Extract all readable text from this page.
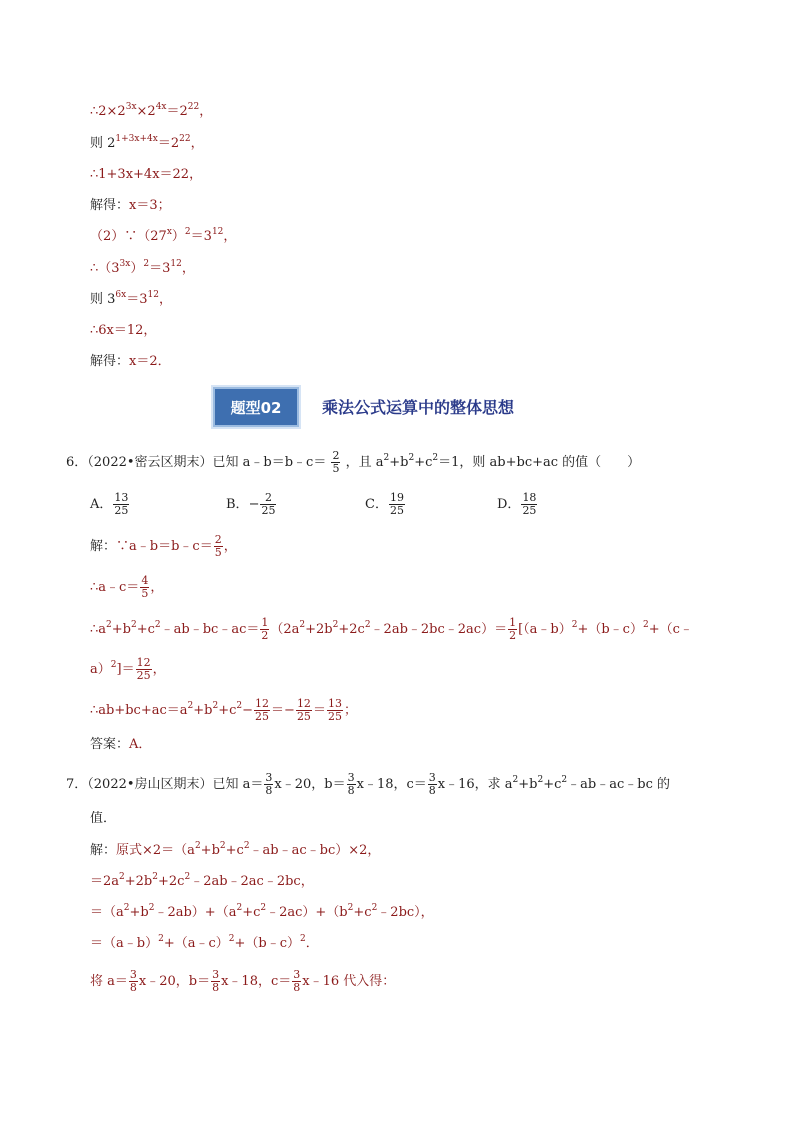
$\therefore 2\times 2^{3x}\times 2^{4x}=2^{22}$，
则 $2^{1+3x+4x}=2^{22}$，
∴1+3x+4x＝22，
解得：x＝3；
$(2)\because(27^x)^2=3^{12}$，
$\therefore(3^{3x})^2=3^{12}$，
则 $3^{6x}=3^{12}$，
∴6x＝12，
解得：x＝2．
题型02	乘法公式运算中的整体思想
6．（2022•密云区期末）已知 a﹣b＝b﹣c＝ $\frac{2}{5}$ ，且 $a^2+b^2+c^2=1$，则 ab+bc+ac 的值（　　）
A． $\frac{13}{25}$	B．− $\frac{2}{25}$	C． $\frac{19}{25}$	D． $\frac{18}{25}$
解：∵a﹣b＝b﹣c＝ $\frac{2}{5}$ ，
∴a﹣c＝ $\frac{4}{5}$ ，
$\therefore a^2+b^2+c^2﹣ab﹣bc﹣ac= \frac{1}{2}$ $(2a^2+2b^2+2c^2﹣2ab﹣2bc﹣2ac)= \frac{1}{2}$ [（a﹣b）$^2$+（b﹣c）$^2$+（c﹣
$a)^2]= \frac{12}{25}$ ，
$\therefore ab+bc+ac=a^2+b^2+c^2- \frac{12}{25} =- \frac{12}{25} = \frac{13}{25}$ ；
答案：A．
7．（2022•房山区期末）已知 $a= \frac{3}{8}$ x﹣20，$b= \frac{3}{8}$ x﹣18，$c= \frac{3}{8}$ x﹣16，求 $a^2+b^2+c^2﹣ab﹣ac﹣bc$ 的
值．
解：原式$\times 2=(a^2+b^2+c^2﹣ab﹣ac﹣bc)\times 2$，
$=2a^2+2b^2+2c^2﹣2ab﹣2ac﹣2bc$，
$=(a^2+b^2﹣2ab)+(a^2+c^2﹣2ac)+(b^2+c^2﹣2bc)$，
＝（a﹣b）$^2$+（a﹣c）$^2$+（b﹣c）$^2$．
将 $a= \frac{3}{8}$ x﹣20，$b= \frac{3}{8}$ x﹣18，$c= \frac{3}{8}$ x﹣16 代入得：
